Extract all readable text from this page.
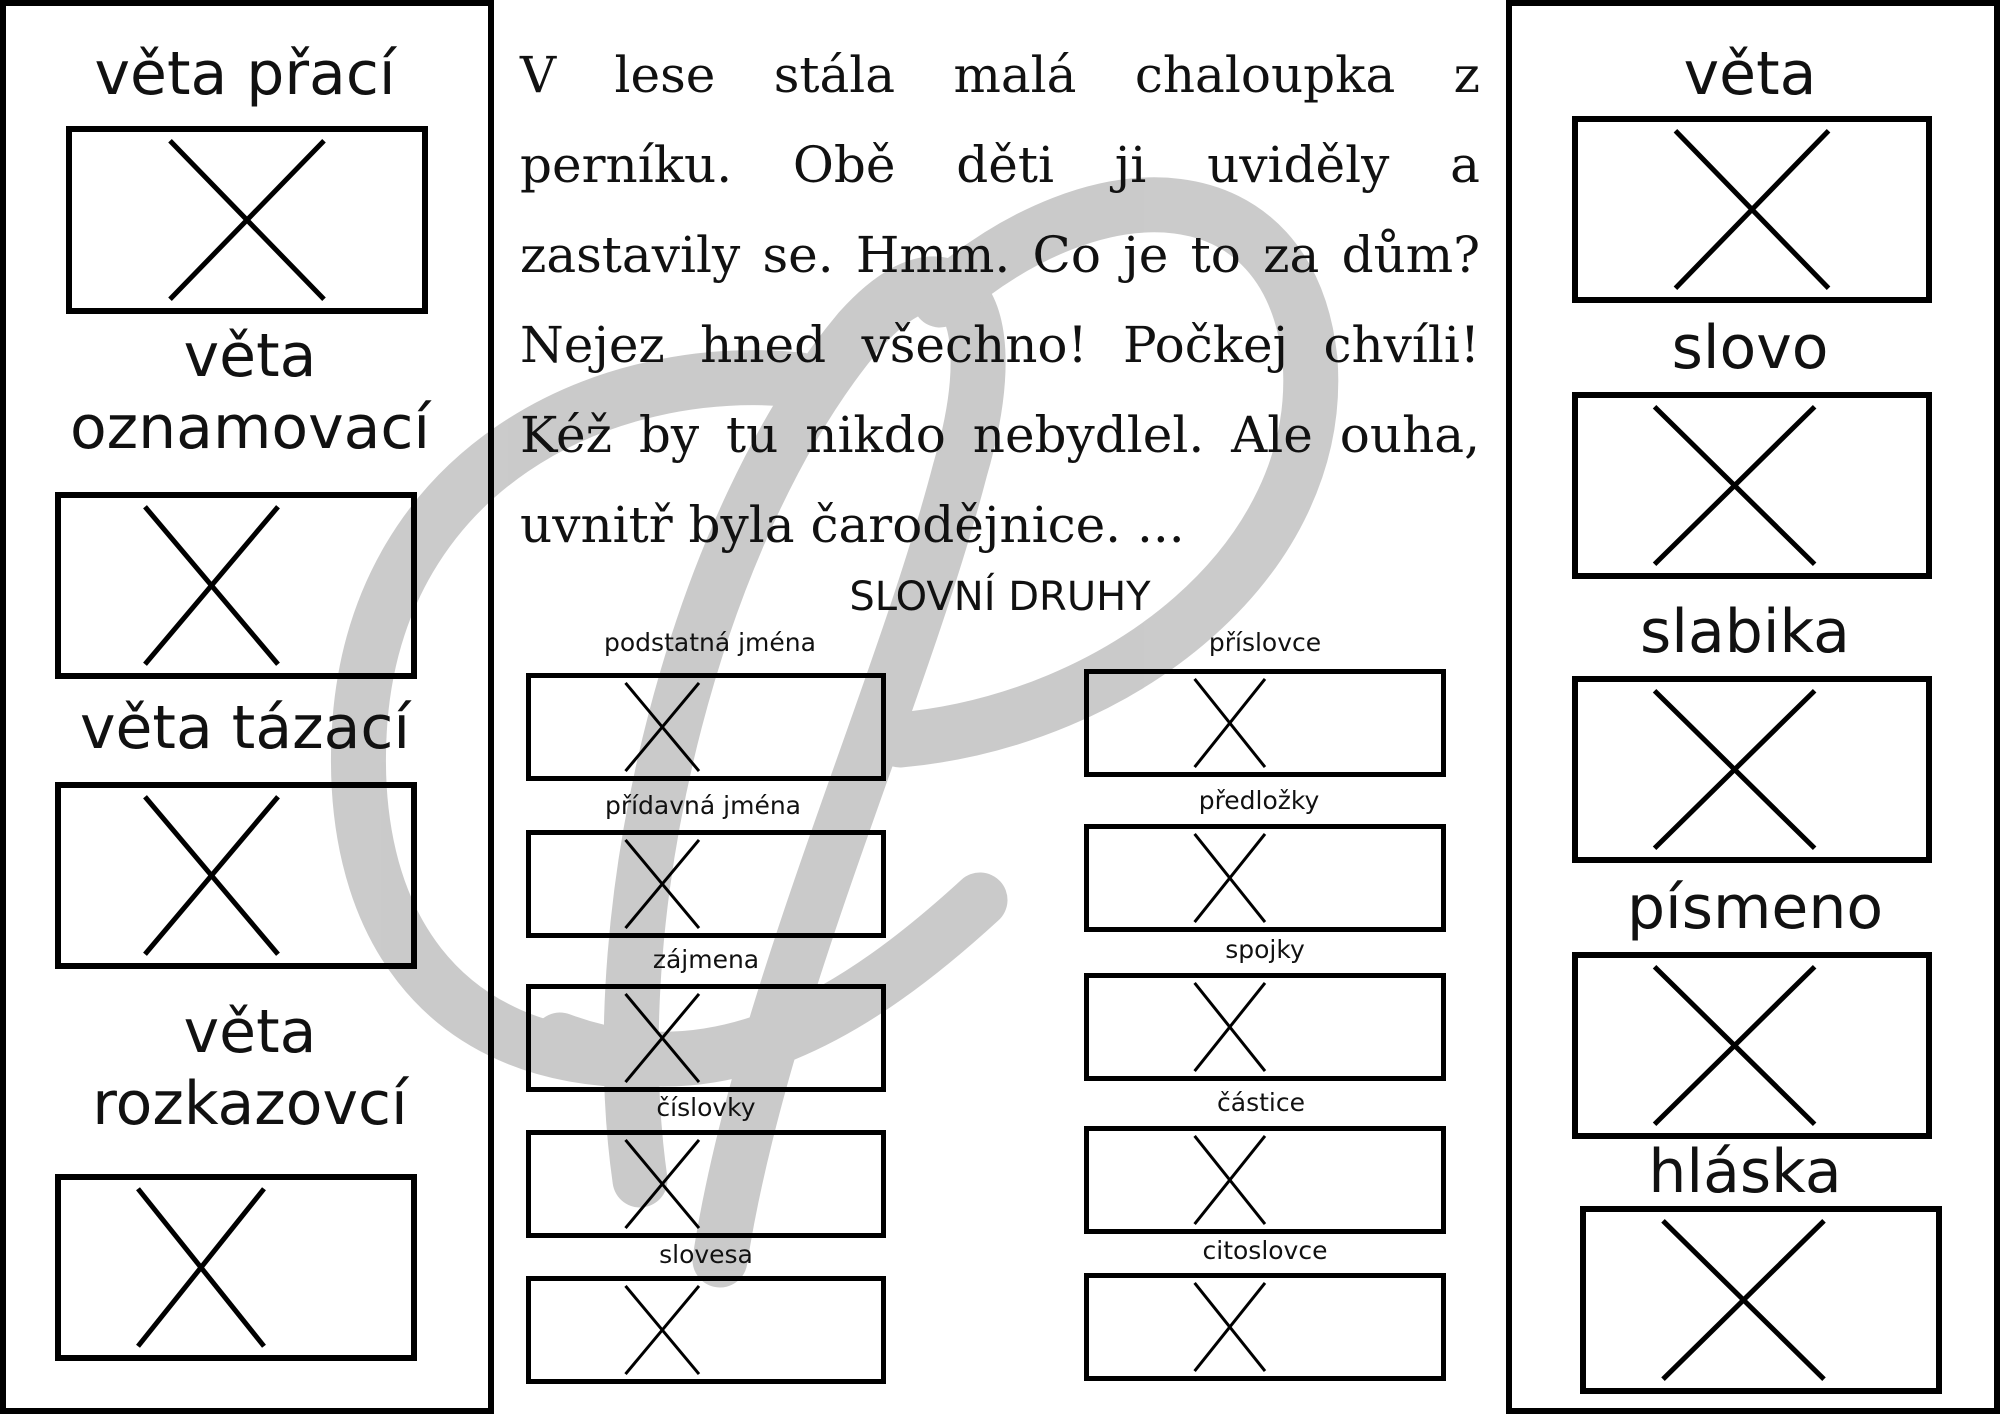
věta přací
věta oznamovací
věta tázací
věta rozkazovcí

V lese stála malá chaloupka z perníku. Obě děti ji uviděly a zastavily se. Hmm. Co je to za dům? Nejez hned všechno! Počkej chvíli! Kéž by tu nikdo nebydlel. Ale ouha, uvnitř byla čarodějnice. ...

SLOVNÍ DRUHY
podstatná jména
přídavná jména
zájmena
číslovky
slovesa
příslovce
předložky
spojky
částice
citoslovce
věta
slovo
slabika
písmeno
hláska
